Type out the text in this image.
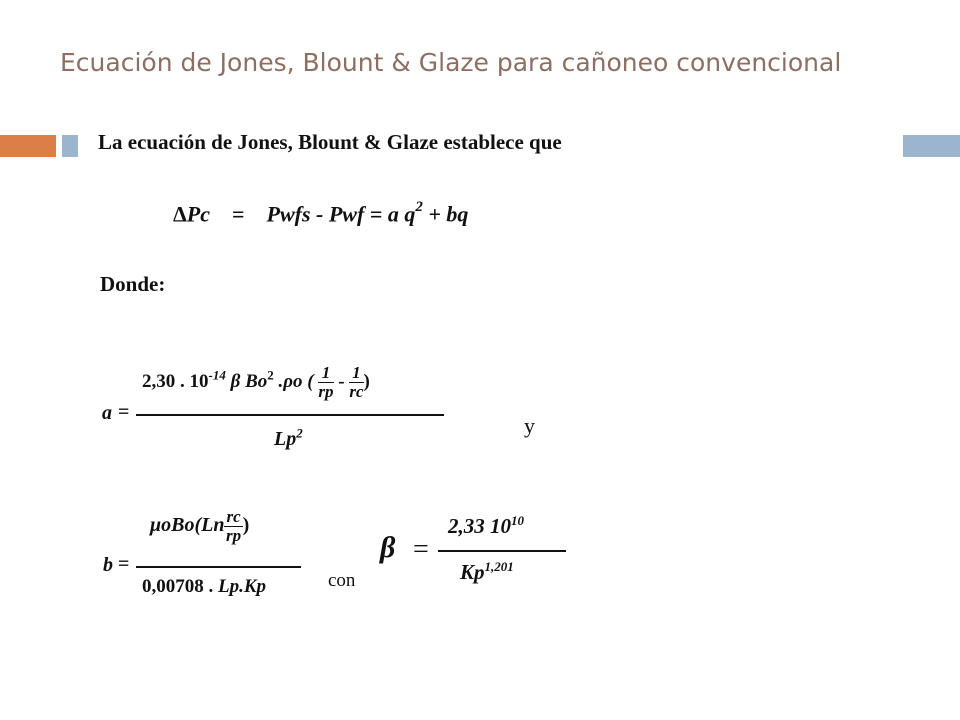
Ecuación de Jones, Blount & Glaze para cañoneo convencional
La ecuación de Jones, Blount & Glaze establece que
ΔPc = Pwfs - Pwf = a $q^2$ + bq
Donde:
a =
2,30 . $10^{-14}$ β Bo$^2$ .ρo ( $\frac{1}{rp} - \frac{1}{rc}$ )
Lp$^2$	y
b =
$\mu oBo(Ln \frac{rc}{rp}$ )
0,00708 . Lp.Kp	con
β =
2,33 $10^{10}$
Kp$^{1,201}$
